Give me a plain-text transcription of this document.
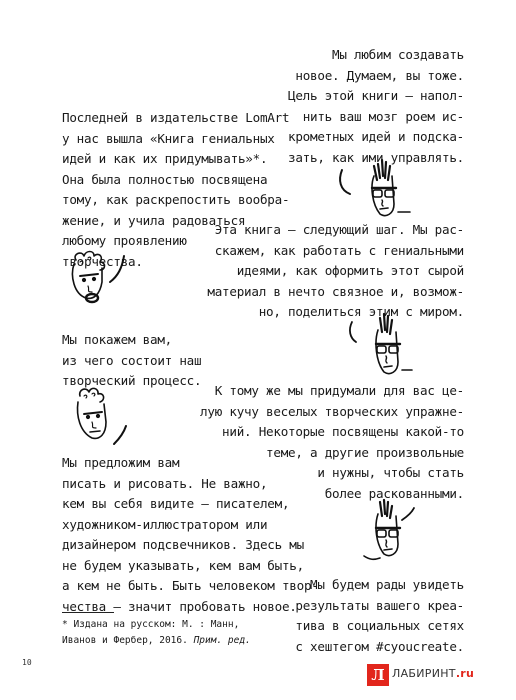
Мы любим создавать
новое. Думаем, вы тоже.
Цель этой книги — напол-
нить ваш мозг роем ис-
крометных идей и подска-
зать, как ими управлять.
Последней в издательстве LomArt
у нас вышла «Книга гениальных
идей и как их придумывать»*.
Она была полностью посвящена
тому, как раскрепостить вообра-
жение, и учила радоваться
любому проявлению
творчества.
Эта книга — следующий шаг. Мы рас-
скажем, как работать с гениальными
идеями, как оформить этот сырой
материал в нечто связное и, возмож-
но, поделиться этим с миром.
Мы покажем вам,
из чего состоит наш
творческий процесс.
К тому же мы придумали для вас це-
лую кучу веселых творческих упражне-
ний. Некоторые посвящены какой-то
теме, а другие произвольные
и нужны, чтобы стать
более раскованными.
Мы предложим вам
писать и рисовать. Не важно,
кем вы себя видите — писателем,
художником-иллюстратором или
дизайнером подсвечников. Здесь мы
не будем указывать, кем вам быть,
а кем не быть. Быть человеком твор-
чества — значит пробовать новое.
Мы будем рады увидеть
результаты вашего креа-
тива в социальных сетях
с хештегом #cyoucreate.
* Издана на русском: М. : Манн,
Иванов и Фербер, 2016. Прим. ред.
10
Л ЛАБИРИНТ.ru
